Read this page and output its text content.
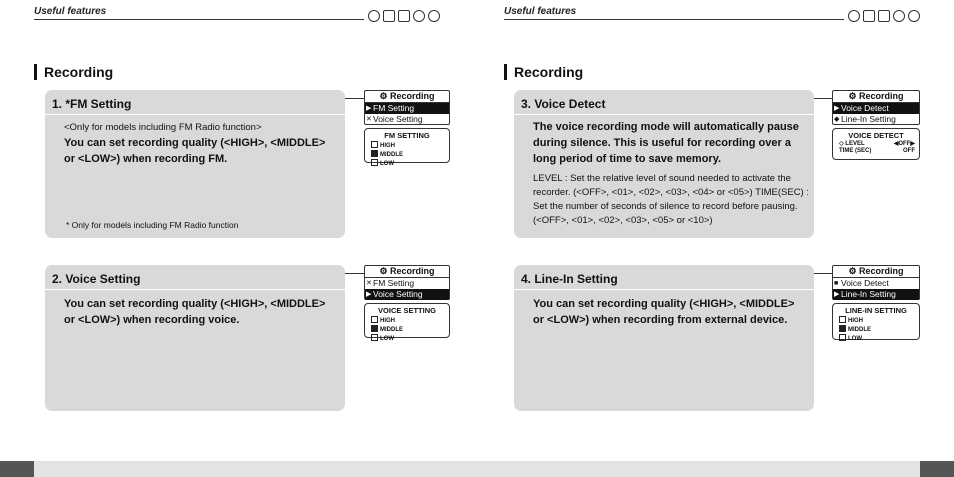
Useful features
Recording
1. *FM Setting
<Only for models including FM Radio function>
You can set recording quality (<HIGH>, <MIDDLE> or <LOW>) when recording FM.
* Only for models including FM Radio function
⚙ Recording
▶ FM Setting
✕ Voice Setting
FM SETTING
HIGH
MIDDLE
LOW
2. Voice Setting
You can set recording quality (<HIGH>, <MIDDLE> or <LOW>) when recording voice.
⚙ Recording
✕ FM Setting
▶ Voice Setting
VOICE SETTING
HIGH
MIDDLE
LOW
Useful features
Recording
3. Voice Detect
The voice recording mode will automatically pause during silence. This is useful for recording over a long period of time to save memory.
LEVEL : Set the relative level of sound needed to activate the recorder. (<OFF>, <01>, <02>, <03>, <04> or <05>) TIME(SEC) : Set the number of seconds of silence to record before pausing.(<OFF>, <01>, <02>, <03>, <05> or <10>)
⚙ Recording
▶ Voice Detect
◆ Line-In Setting
VOICE DETECT
◇ LEVEL	◀OFF▶
TIME (SEC)	OFF
4. Line-In Setting
You can set recording quality (<HIGH>, <MIDDLE> or <LOW>) when recording from external device.
⚙ Recording
■ Voice Detect
▶ Line-In Setting
LINE-IN SETTING
HIGH
MIDDLE
LOW
